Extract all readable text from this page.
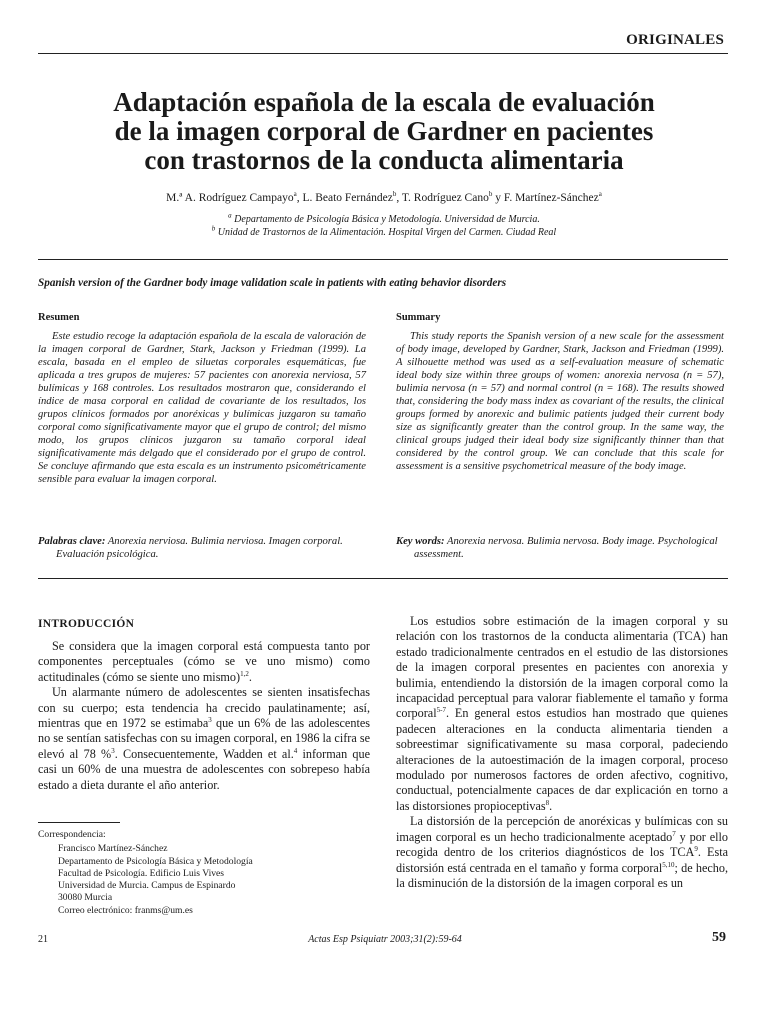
ORIGINALES
Adaptación española de la escala de evaluación
de la imagen corporal de Gardner en pacientes
con trastornos de la conducta alimentaria
M.ª A. Rodríguez Campayo$^a$, L. Beato Fernández$^b$, T. Rodríguez Cano$^b$ y F. Martínez-Sánchez$^a$
$^a$ Departamento de Psicología Básica y Metodología. Universidad de Murcia.
$^b$ Unidad de Trastornos de la Alimentación. Hospital Virgen del Carmen. Ciudad Real
Spanish version of the Gardner body image validation scale in patients with eating behavior disorders
Resumen	Summary

Este estudio recoge la adaptación española de la escala de valoración de la imagen corporal de Gardner, Stark, Jackson y Friedman (1999). La escala, basada en el empleo de siluetas corporales esquemáticas, fue aplicada a tres grupos de mujeres: 57 pacientes con anorexia nerviosa, 57 bulímicas y 168 controles. Los resultados mostraron que, considerando el índice de masa corporal en calidad de covariante de los resultados, los grupos clínicos formados por anoréxicas y bulímicas juzgaron su tamaño corporal como significativamente mayor que el grupo de control; del mismo modo, los grupos clínicos juzgaron su tamaño corporal ideal significativamente más delgado que el considerado por el grupo de control. Se concluye afirmando que esta escala es un instrumento psicométricamente sensible para evaluar la imagen corporal.

This study reports the Spanish version of a new scale for the assessment of body image, developed by Gardner, Stark, Jackson and Friedman (1999). A silhouette method was used as a self-evaluation measure of schematic ideal body size within three groups of women: anorexia nervosa (n = 57), bulimia nervosa (n = 57) and normal control (n = 168). The results showed that, considering the body mass index as covariant of the results, the clinical groups formed by anorexic and bulimic patients judged their current body size as significantly greater than the control group. In the same way, the clinical groups judged their ideal body size significantly thinner than that considered by the control group. We can conclude that this scale for assessment is a sensitive psychometrical measure of the body image.

Palabras clave: Anorexia nerviosa. Bulimia nerviosa. Imagen corporal. Evaluación psicológica.
Key words: Anorexia nervosa. Bulimia nervosa. Body image. Psychological assessment.
INTRODUCCIÓN

Se considera que la imagen corporal está compuesta tanto por componentes perceptuales (cómo se ve uno mismo) como actitudinales (cómo se siente uno mismo)$^{1,2}$.

Un alarmante número de adolescentes se sienten insatisfechas con su cuerpo; esta tendencia ha crecido paulatinamente; así, mientras que en 1972 se estimaba$^3$ que un 6% de las adolescentes no se sentían satisfechas con su imagen corporal, en 1986 la cifra se elevó al 78 %$^3$. Consecuentemente, Wadden et al.$^4$ informan que casi un 60% de una muestra de adolescentes con sobrepeso había estado a dieta durante el año anterior.

Los estudios sobre estimación de la imagen corporal y su relación con los trastornos de la conducta alimentaria (TCA) han estado tradicionalmente centrados en el estudio de las distorsiones de la imagen corporal presentes en pacientes con anorexia y bulimia, entendiendo la distorsión de la imagen corporal como la incapacidad perceptual para valorar fiablemente el tamaño y forma corporal$^{5-7}$. En general estos estudios han mostrado que quienes padecen alteraciones en la conducta alimentaria tienden a sobreestimar significativamente su masa corporal, padeciendo alteraciones de la autoestimación de la imagen corporal, proceso modulado por numerosos factores de orden afectivo, cognitivo, conductual, potencialmente capaces de dar explicación en torno a las distorsiones propioceptivas$^8$.

La distorsión de la percepción de anoréxicas y bulímicas con su imagen corporal es un hecho tradicionalmente aceptado$^7$ y por ello recogida dentro de los criterios diagnósticos de los TCA$^9$. Esta distorsión está centrada en el tamaño y forma corporal$^{5,10}$; de hecho, la disminución de la distorsión de la imagen corporal es un

Correspondencia:
Francisco Martínez-Sánchez
Departamento de Psicología Básica y Metodología
Facultad de Psicología. Edificio Luis Vives
Universidad de Murcia. Campus de Espinardo
30080 Murcia
Correo electrónico: franms@um.es
21	Actas Esp Psiquiatr 2003;31(2):59-64	59
